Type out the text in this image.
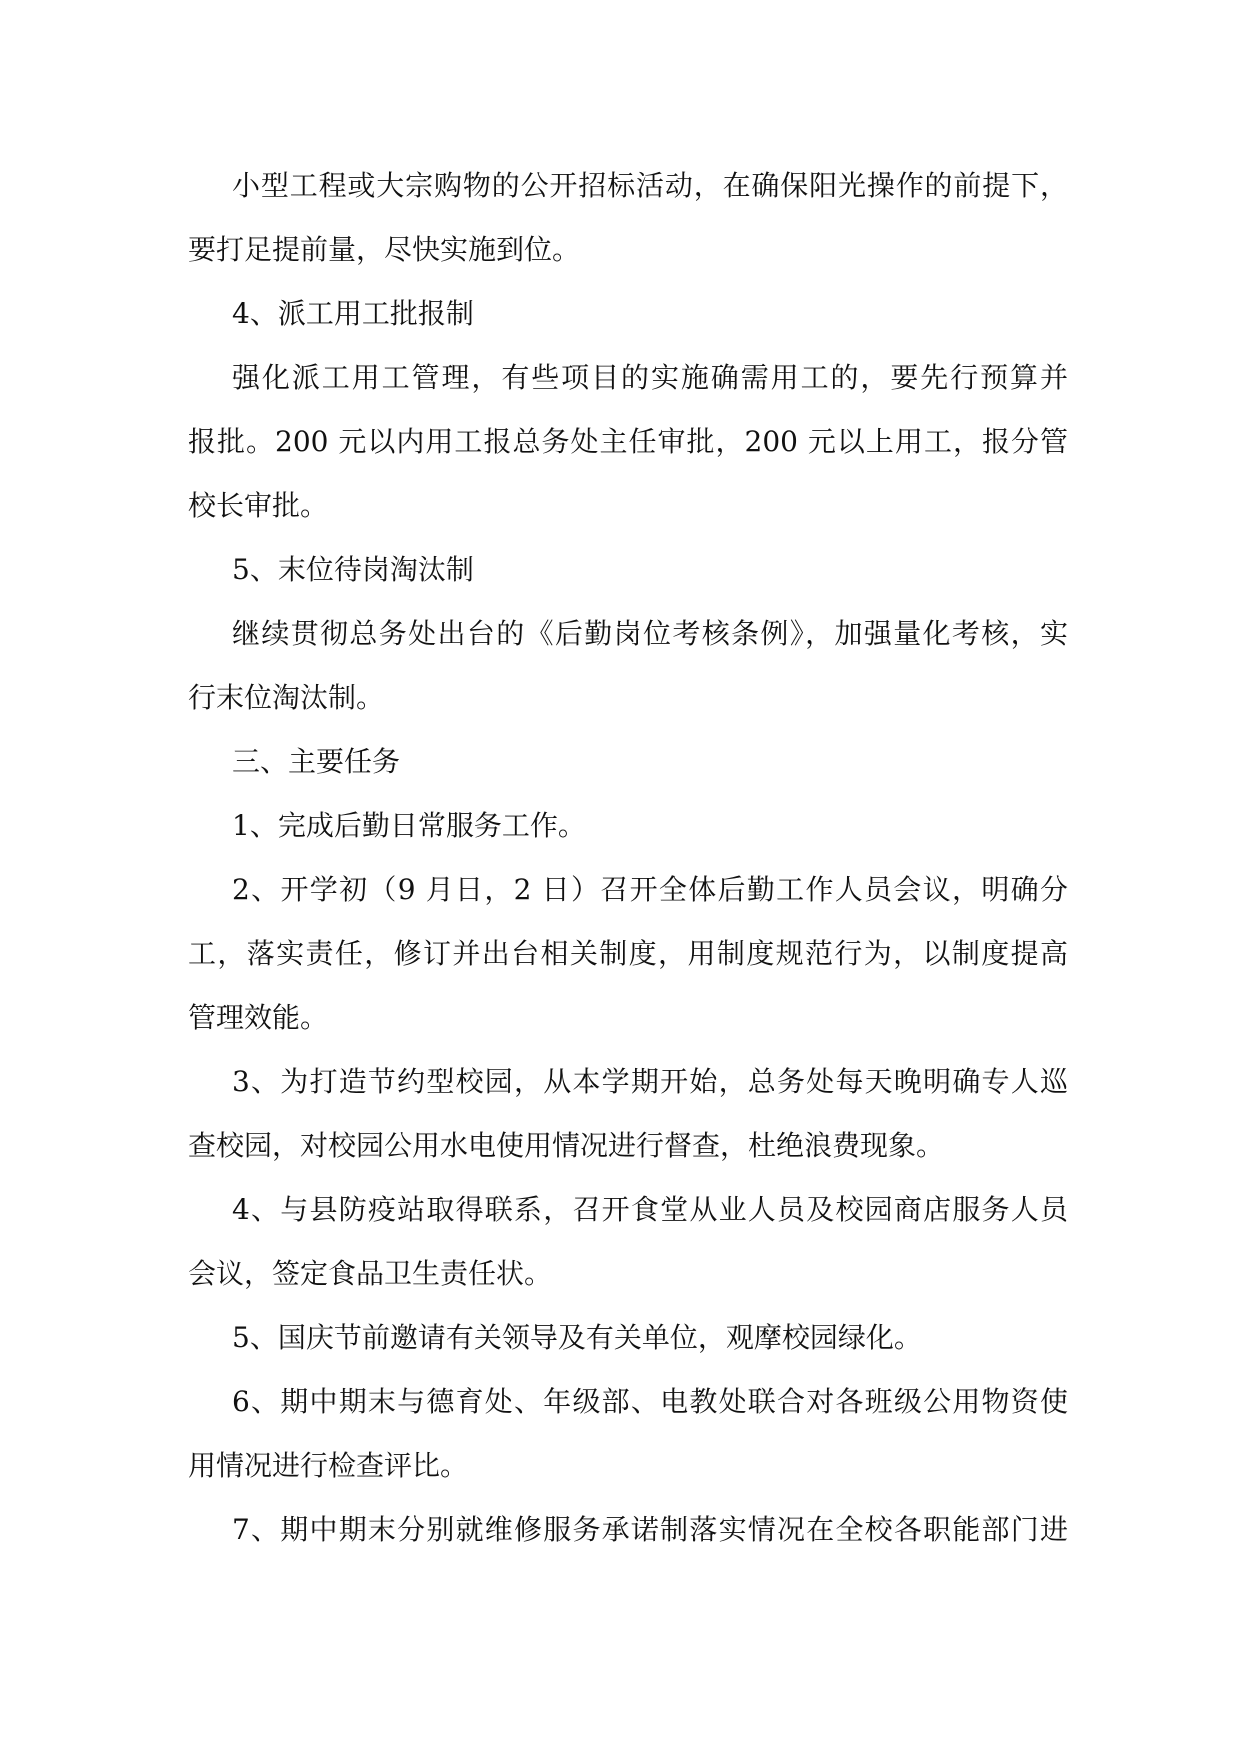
小型工程或大宗购物的公开招标活动，在确保阳光操作的前提下，
要打足提前量，尽快实施到位。
4、派工用工批报制
强化派工用工管理，有些项目的实施确需用工的，要先行预算并
报批。200 元以内用工报总务处主任审批，200 元以上用工，报分管
校长审批。
5、末位待岗淘汰制
继续贯彻总务处出台的《后勤岗位考核条例》，加强量化考核，实
行末位淘汰制。
三、主要任务
1、完成后勤日常服务工作。
2、开学初（9 月日，2 日）召开全体后勤工作人员会议，明确分
工，落实责任，修订并出台相关制度，用制度规范行为，以制度提高
管理效能。
3、为打造节约型校园，从本学期开始，总务处每天晚明确专人巡
查校园，对校园公用水电使用情况进行督查，杜绝浪费现象。
4、与县防疫站取得联系，召开食堂从业人员及校园商店服务人员
会议，签定食品卫生责任状。
5、国庆节前邀请有关领导及有关单位，观摩校园绿化。
6、期中期末与德育处、年级部、电教处联合对各班级公用物资使
用情况进行检查评比。
7、期中期末分别就维修服务承诺制落实情况在全校各职能部门进
